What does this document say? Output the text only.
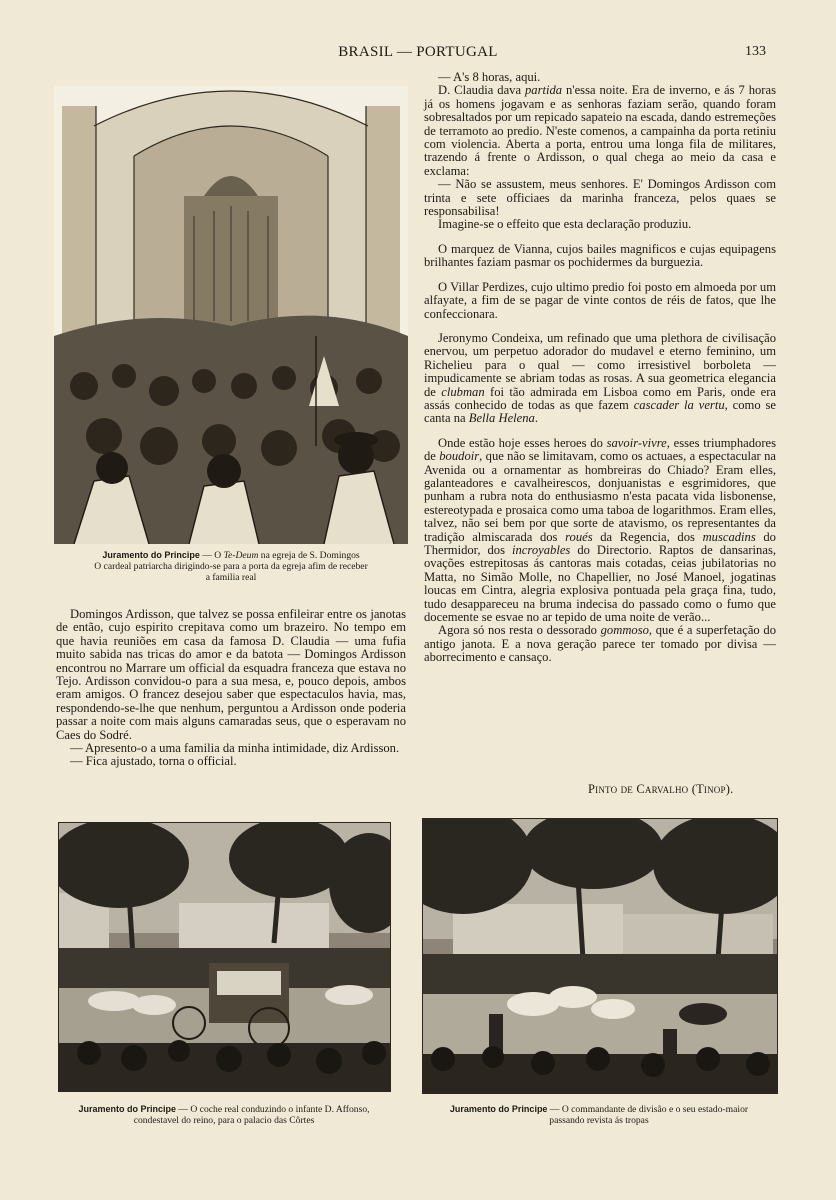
BRASIL — PORTUGAL	133
Juramento do Principe — O Te-Deum na egreja de S. Domingos
O cardeal patriarcha dirigindo-se para a porta da egreja afim de receber
a familia real

Domingos Ardisson, que talvez se possa enfileirar entre os janotas de então, cujo espirito crepitava como um brazeiro. No tempo em que havia reuniões em casa da famosa D. Claudia — uma fufia muito sabida nas tricas do amor e da batota — Domingos Ardisson encontrou no Marrare um official da esquadra franceza que estava no Tejo. Ardisson convidou-o para a sua mesa, e, pouco depois, ambos eram amigos. O francez desejou saber que espectaculos havia, mas, respondendo-se-lhe que nenhum, perguntou a Ardisson onde poderia passar a noite com mais alguns camaradas seus, que o esperavam no Caes do Sodré.

— Apresento-o a uma familia da minha intimidade, diz Ardisson.

— Fica ajustado, torna o official.

— A's 8 horas, aqui.

D. Claudia dava partida n'essa noite. Era de inverno, e ás 7 horas já os homens jogavam e as senhoras faziam serão, quando foram sobresaltados por um repicado sapateio na escada, dando estremeções de terramoto ao predio. N'este comenos, a campainha da porta retiniu com violencia. Aberta a porta, entrou uma longa fila de militares, trazendo á frente o Ardisson, o qual chega ao meio da casa e exclama:

— Não se assustem, meus senhores. E' Domingos Ardisson com trinta e sete officiaes da marinha franceza, pelos quaes se responsabilisa!

Imagine-se o effeito que esta declaração produziu.

O marquez de Vianna, cujos bailes magnificos e cujas equipagens brilhantes faziam pasmar os pochidermes da burguezia.

O Villar Perdizes, cujo ultimo predio foi posto em almoeda por um alfayate, a fim de se pagar de vinte contos de réis de fatos, que lhe confeccionara.

Jeronymo Condeixa, um refinado que uma plethora de civilisação enervou, um perpetuo adorador do mudavel e eterno feminino, um Richelieu para o qual — como irresistivel borboleta — impudicamente se abriam todas as rosas. A sua geometrica elegancia de clubman foi tão admirada em Lisboa como em Paris, onde era assás conhecido de todas as que fazem cascader la vertu, como se canta na Bella Helena.

Onde estão hoje esses heroes do savoir-vivre, esses triumphadores de boudoir, que não se limitavam, como os actuaes, a espectacular na Avenida ou a ornamentar as hombreiras do Chiado? Eram elles, galanteadores e cavalheirescos, donjuanistas e esgrimidores, que punham a rubra nota do enthusiasmo n'esta pacata vida lisbonense, estereotypada e prosaica como uma taboa de logarithmos. Eram elles, talvez, não sei bem por que sorte de atavismo, os representantes da tradição almiscarada dos roués da Regencia, dos muscadins do Thermidor, dos incroyables do Directorio. Raptos de dansarinas, ovações estrepitosas ás cantoras mais cotadas, ceias jubilatorias no Matta, no Simão Molle, no Chapellier, no José Manoel, jogatinas loucas em Cintra, alegria explosiva pontuada pela graça fina, tudo, tudo desappareceu na bruma indecisa do passado como o fumo que docemente se esvae no ar tepido de uma noite de verão...

Agora só nos resta o dessorado gommoso, que é a superfetação do antigo janota. E a nova geração parece ter tomado por divisa — aborrecimento e cansaço.

Pinto de Carvalho (Tinop).
Juramento do Principe — O coche real conduzindo o infante D. Affonso,
condestavel do reino, para o palacio das Côrtes
Juramento do Principe — O commandante de divisão e o seu estado-maior
passando revista ás tropas
